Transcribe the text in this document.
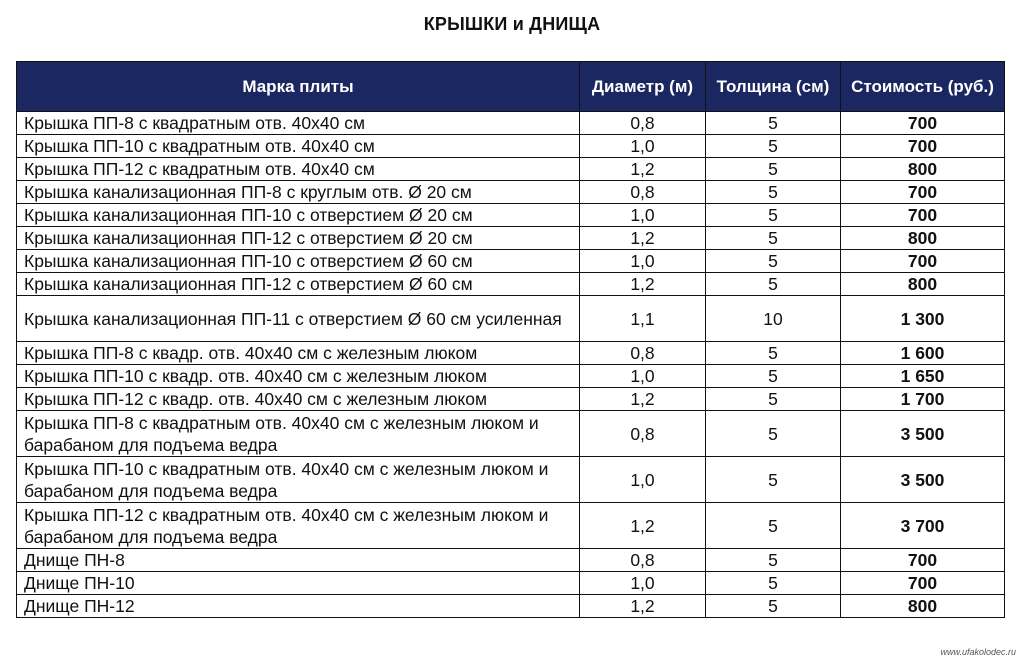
КРЫШКИ и ДНИЩА
Марка плиты	Диаметр (м)	Толщина (см)	Стоимость (руб.)
Крышка ПП-8 с квадратным отв. 40х40 см	0,8	5	700
Крышка ПП-10 с квадратным отв. 40х40 см	1,0	5	700
Крышка ПП-12 с квадратным отв. 40х40 см	1,2	5	800
Крышка канализационная ПП-8 с круглым отв. Ø 20 см	0,8	5	700
Крышка канализационная ПП-10 с отверстием Ø 20 см	1,0	5	700
Крышка канализационная ПП-12 с отверстием Ø 20 см	1,2	5	800
Крышка канализационная ПП-10 с отверстием Ø 60 см	1,0	5	700
Крышка канализационная ПП-12 с отверстием Ø 60 см	1,2	5	800
Крышка канализационная ПП-11 с отверстием Ø 60 см усиленная	1,1	10	1 300
Крышка ПП-8 с квадр. отв. 40х40 см с железным люком	0,8	5	1 600
Крышка ПП-10 с квадр. отв. 40х40 см с железным люком	1,0	5	1 650
Крышка ПП-12 с квадр. отв. 40х40 см с железным люком	1,2	5	1 700
Крышка ПП-8 с квадратным отв. 40х40 см с железным люком и барабаном для подъема ведра	0,8	5	3 500
Крышка ПП-10 с квадратным отв. 40х40 см с железным люком и барабаном для подъема ведра	1,0	5	3 500
Крышка ПП-12 с квадратным отв. 40х40 см с железным люком и барабаном для подъема ведра	1,2	5	3 700
Днище ПН-8	0,8	5	700
Днище ПН-10	1,0	5	700
Днище ПН-12	1,2	5	800
www.ufakolodec.ru
